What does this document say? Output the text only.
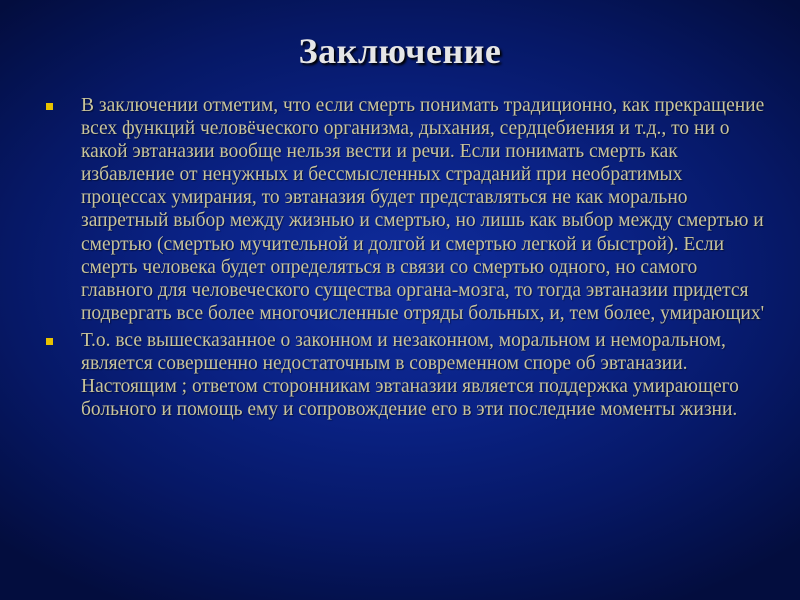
Заключение
В заключении отметим, что если смерть понимать традиционно, как прекращение всех функций человёческого организма, дыхания, сердцебиения и т.д., то ни о какой эвтаназии вообще нельзя вести и речи. Если понимать смерть как избавление от ненужных и бессмысленных страданий при необратимых процессах умирания, то эвтаназия будет представляться не как морально запретный выбор между жизнью и смертью, но лишь как выбор между смертью и смертью (смертью мучительной и долгой и смертью легкой и быстрой). Если смерть человека будет определяться в связи со смертью одного, но самого главного для человеческого существа органа-мозга, то тогда эвтаназии придется подвергать все более многочисленные отряды больных, и, тем более, умирающих'
Т.о. все вышесказанное о законном и незаконном, моральном и неморальном, является совершенно недостаточным в современном споре об эвтаназии. Настоящим ; ответом сторонникам эвтаназии является поддержка умирающего больного и помощь ему и сопровождение его в эти последние моменты жизни.
